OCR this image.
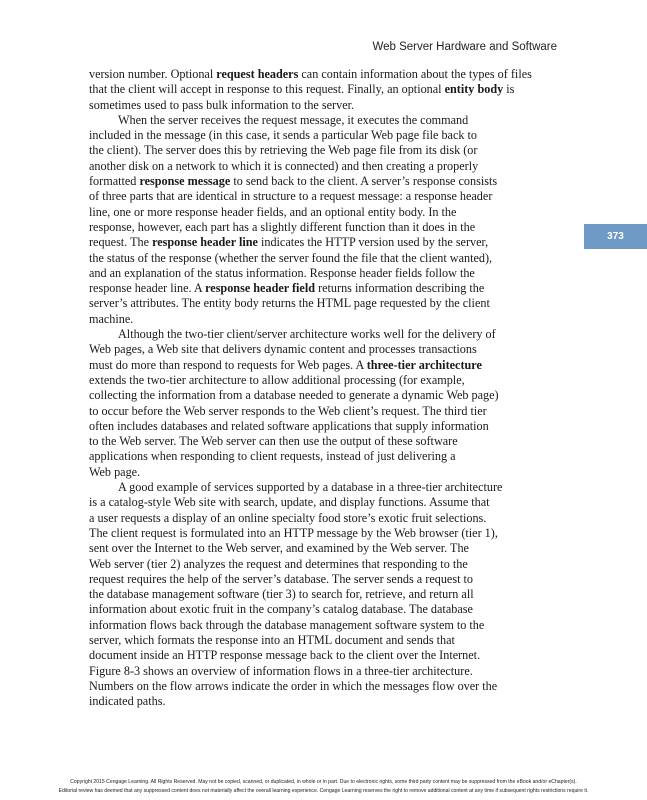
Web Server Hardware and Software
373
version number. Optional request headers can contain information about the types of files
that the client will accept in response to this request. Finally, an optional entity body is
sometimes used to pass bulk information to the server.
When the server receives the request message, it executes the command
included in the message (in this case, it sends a particular Web page file back to
the client). The server does this by retrieving the Web page file from its disk (or
another disk on a network to which it is connected) and then creating a properly
formatted response message to send back to the client. A server’s response consists
of three parts that are identical in structure to a request message: a response header
line, one or more response header fields, and an optional entity body. In the
response, however, each part has a slightly different function than it does in the
request. The response header line indicates the HTTP version used by the server,
the status of the response (whether the server found the file that the client wanted),
and an explanation of the status information. Response header fields follow the
response header line. A response header field returns information describing the
server’s attributes. The entity body returns the HTML page requested by the client
machine.
Although the two-tier client/server architecture works well for the delivery of
Web pages, a Web site that delivers dynamic content and processes transactions
must do more than respond to requests for Web pages. A three-tier architecture
extends the two-tier architecture to allow additional processing (for example,
collecting the information from a database needed to generate a dynamic Web page)
to occur before the Web server responds to the Web client’s request. The third tier
often includes databases and related software applications that supply information
to the Web server. The Web server can then use the output of these software
applications when responding to client requests, instead of just delivering a
Web page.
A good example of services supported by a database in a three-tier architecture
is a catalog-style Web site with search, update, and display functions. Assume that
a user requests a display of an online specialty food store’s exotic fruit selections.
The client request is formulated into an HTTP message by the Web browser (tier 1),
sent over the Internet to the Web server, and examined by the Web server. The
Web server (tier 2) analyzes the request and determines that responding to the
request requires the help of the server’s database. The server sends a request to
the database management software (tier 3) to search for, retrieve, and return all
information about exotic fruit in the company’s catalog database. The database
information flows back through the database management software system to the
server, which formats the response into an HTML document and sends that
document inside an HTTP response message back to the client over the Internet.
Figure 8-3 shows an overview of information flows in a three-tier architecture.
Numbers on the flow arrows indicate the order in which the messages flow over the
indicated paths.
Copyright 2015 Cengage Learning. All Rights Reserved. May not be copied, scanned, or duplicated, in whole or in part. Due to electronic rights, some third party content may be suppressed from the eBook and/or eChapter(s).
Editorial review has deemed that any suppressed content does not materially affect the overall learning experience. Cengage Learning reserves the right to remove additional content at any time if subsequent rights restrictions require it.
